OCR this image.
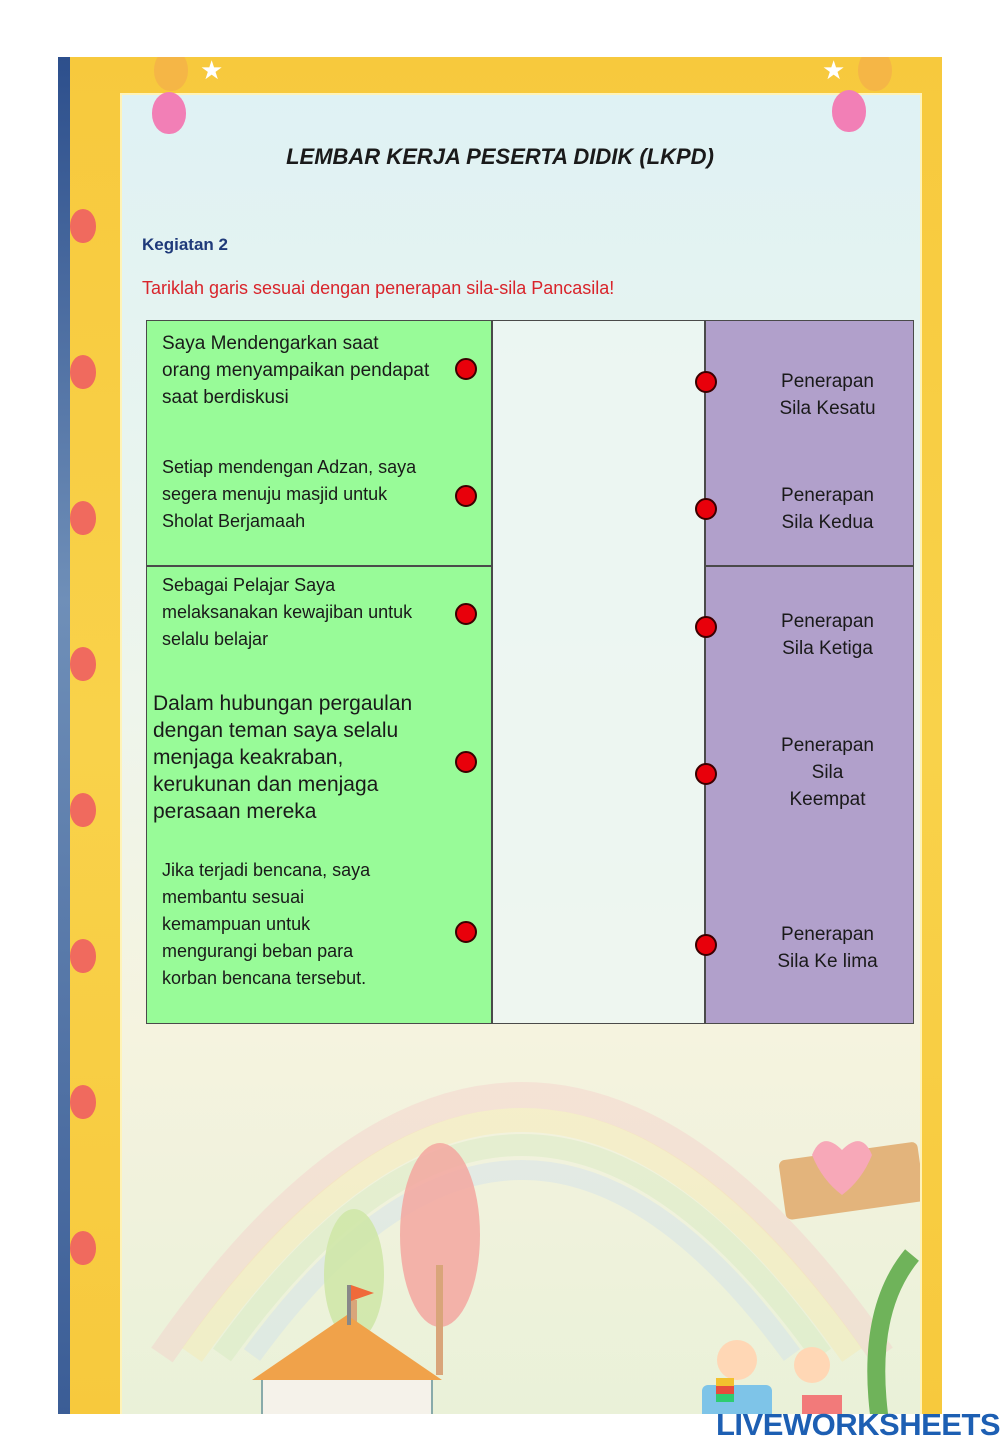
★	★
LEMBAR KERJA PESERTA DIDIK (LKPD)
Kegiatan 2
Tariklah garis sesuai dengan penerapan sila-sila Pancasila!
Saya Mendengarkan saat
orang menyampaikan pendapat
saat berdiskusi
Setiap mendengan Adzan, saya
segera menuju masjid untuk
Sholat Berjamaah
Sebagai Pelajar Saya
melaksanakan kewajiban untuk
selalu belajar
Dalam hubungan pergaulan
dengan teman saya selalu
menjaga keakraban,
kerukunan dan menjaga
perasaan mereka
Jika terjadi bencana, saya
membantu sesuai
kemampuan untuk
mengurangi beban para
korban bencana tersebut.
Penerapan
Sila Kesatu
Penerapan
Sila Kedua
Penerapan
Sila Ketiga
Penerapan
Sila
Keempat
Penerapan
Sila Ke lima
LIVEWORKSHEETS
